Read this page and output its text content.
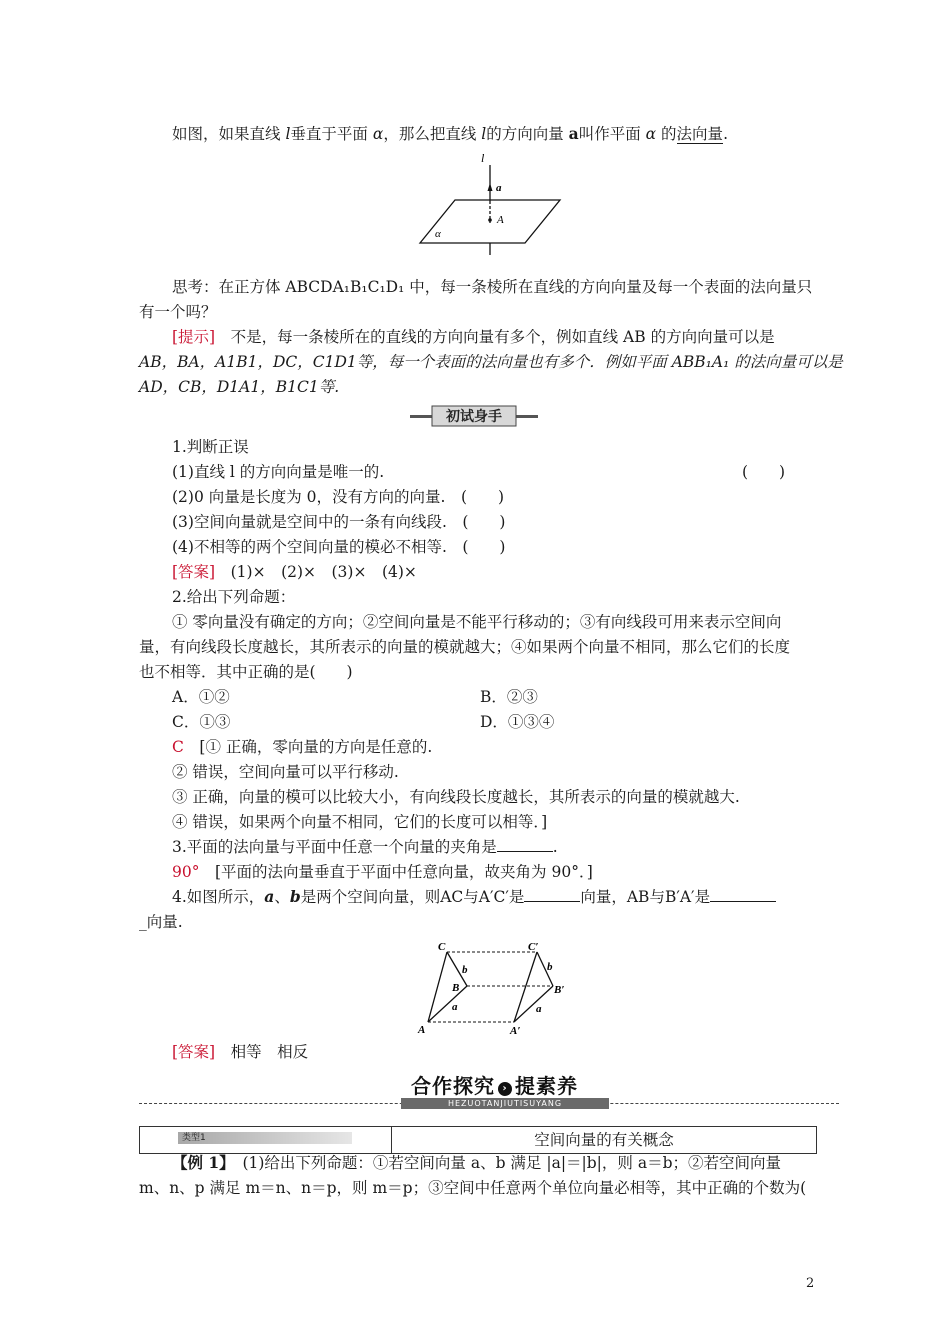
如图，如果直线 l垂直于平面 α，那么把直线 l的方向向量 a叫作平面 α 的法向量.
l
a
A
α
思考：在正方体 ABCDA₁B₁C₁D₁ 中，每一条棱所在直线的方向向量及每一个表面的法向量只
有一个吗？
[提示]　 不是，每一条棱所在的直线的方向向量有多个，例如直线 AB 的方向向量可以是
AB，BA，A1B1，DC，C1D1等，每一个表面的法向量也有多个．例如平面 ABB₁A₁ 的法向量可以是
AD，CB，D1A1，B1C1等.
初试身手
1.判断正误
(1)直线 l 的方向向量是唯一的.	(　　)
(2)0 向量是长度为 0，没有方向的向量.　(　　)
(3)空间向量就是空间中的一条有向线段.　(　　)
(4)不相等的两个空间向量的模必不相等.　(　　)
[答案]　 (1)×　(2)×　(3)×　(4)×
2.给出下列命题：
① 零向量没有确定的方向；②空间向量是不能平行移动的；③有向线段可用来表示空间向
量，有向线段长度越长，其所表示的向量的模就越大；④如果两个向量不相同，那么它们的长度
也不相等．其中正确的是(　　)
A．①②	B．②③
C．①③	D．①③④
C　 [① 正确，零向量的方向是任意的.
② 错误，空间向量可以平行移动.
③ 正确，向量的模可以比较大小，有向线段长度越长，其所表示的向量的模就越大.
④ 错误，如果两个向量不相同，它们的长度可以相等．]
3.平面的法向量与平面中任意一个向量的夹角是	.
90°　 [平面的法向量垂直于平面中任意向量，故夹角为 90°．]
4.如图所示，a、b是两个空间向量，则AC与A′C′是	向量，AB与B′A′是
_向量.
C
B
A
b
a
C′
B′
A′
b
a
[答案]　 相等　相反
合作探究 › 提素养
HEZUOTANJIUTISUYANG
类型1	空间向量的有关概念
【例 1】　 (1)给出下列命题：①若空间向量 a、b 满足 |a|＝|b|，则 a＝b；②若空间向量
m、n、p 满足 m＝n、n＝p，则 m＝p；③空间中任意两个单位向量必相等，其中正确的个数为(
2
